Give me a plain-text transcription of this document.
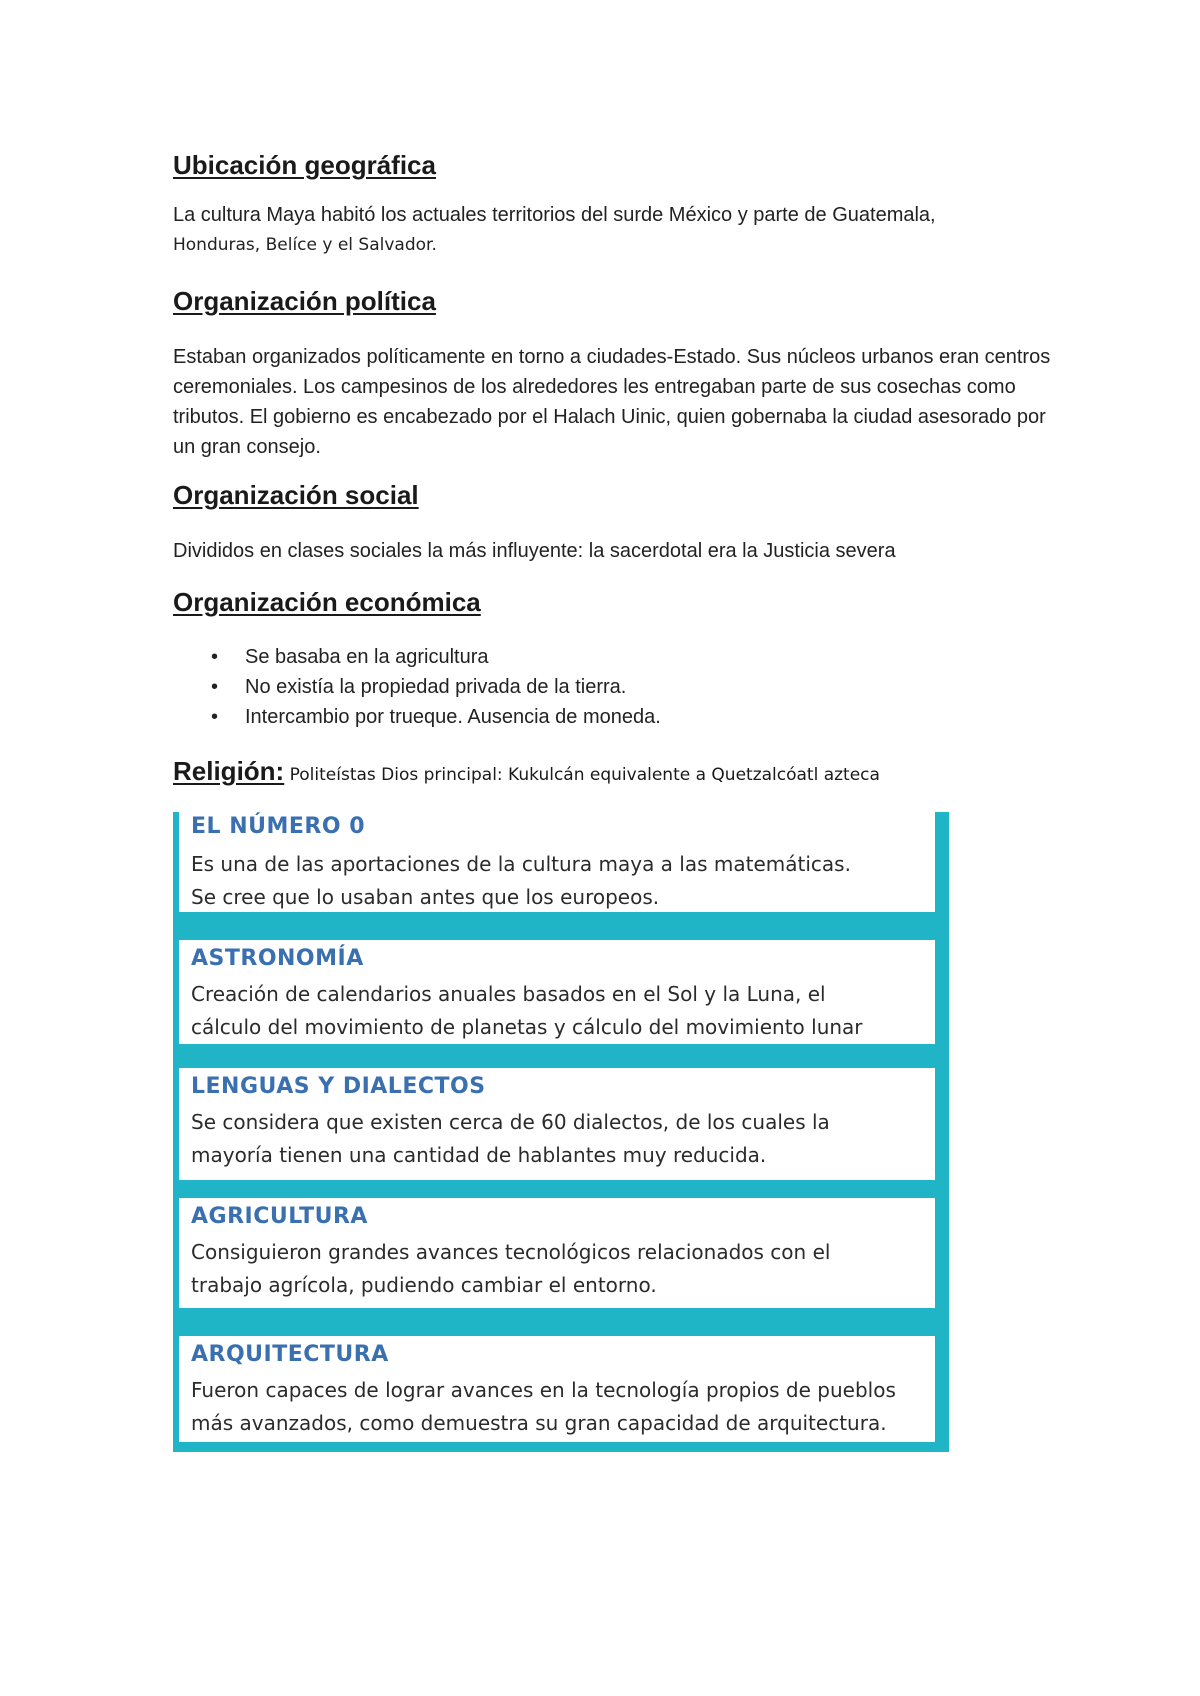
Ubicación geográfica

La cultura Maya habitó los actuales territorios del surde México y parte de Guatemala,

Honduras, Belíce y el Salvador.

Organización política

Estaban organizados políticamente en torno a ciudades-Estado. Sus núcleos urbanos eran centros ceremoniales. Los campesinos de los alrededores les entregaban parte de sus cosechas como tributos. El gobierno es encabezado por el Halach Uinic, quien gobernaba la ciudad asesorado por un gran consejo.

Organización social

Divididos en clases sociales la más influyente: la sacerdotal era la Justicia severa

Organización económica
• Se basaba en la agricultura
• No existía la propiedad privada de la tierra.
• Intercambio por trueque. Ausencia de moneda.
Religión: Politeístas Dios principal: Kukulcán equivalente a Quetzalcóatl azteca
EL NÚMERO 0
Es una de las aportaciones de la cultura maya a las matemáticas.
Se cree que lo usaban antes que los europeos.
ASTRONOMÍA
Creación de calendarios anuales basados en el Sol y la Luna, el
cálculo del movimiento de planetas y cálculo del movimiento lunar
LENGUAS Y DIALECTOS
Se considera que existen cerca de 60 dialectos, de los cuales la
mayoría tienen una cantidad de hablantes muy reducida.
AGRICULTURA
Consiguieron grandes avances tecnológicos relacionados con el
trabajo agrícola, pudiendo cambiar el entorno.
ARQUITECTURA
Fueron capaces de lograr avances en la tecnología propios de pueblos
más avanzados, como demuestra su gran capacidad de arquitectura.
